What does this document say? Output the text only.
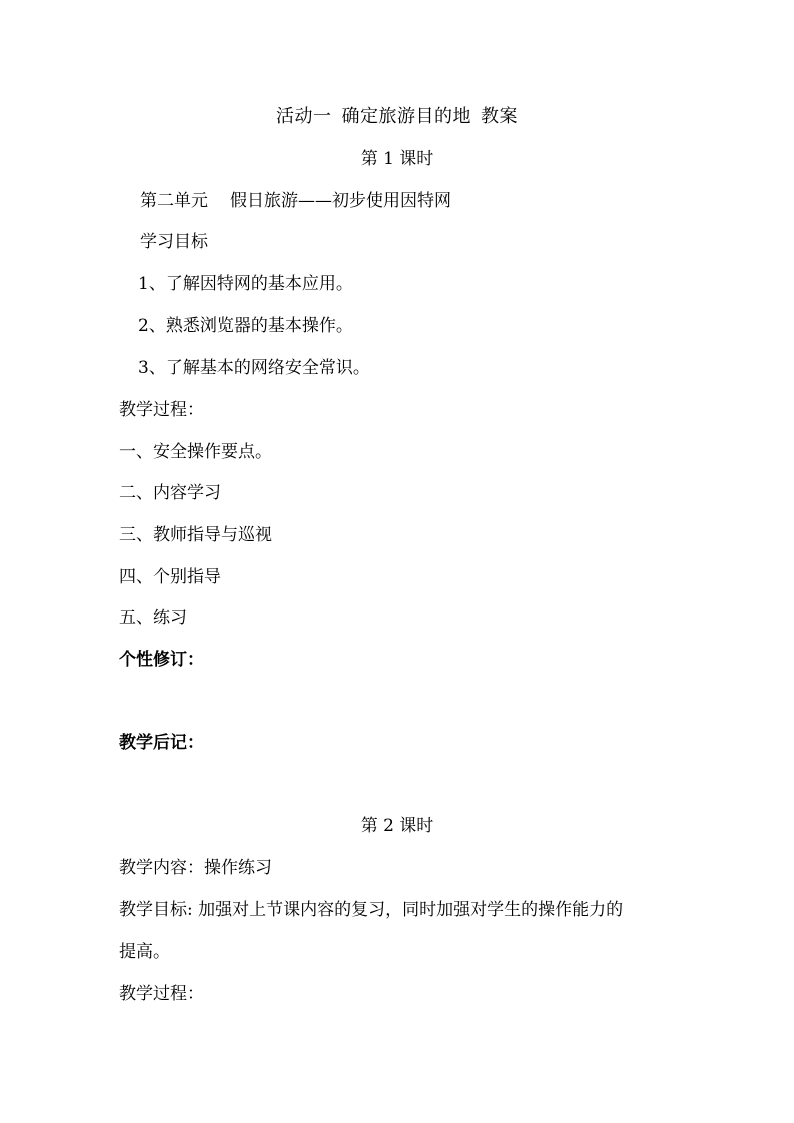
活动一 确定旅游目的地 教案
第 1 课时
第二单元 假日旅游——初步使用因特网
学习目标
1、了解因特网的基本应用。
2、熟悉浏览器的基本操作。
3、了解基本的网络安全常识。
教学过程：
一、安全操作要点。
二、内容学习
三、教师指导与巡视
四、个别指导
五、练习
个性修订：
教学后记：
第 2 课时
教学内容：操作练习
教学目标: 加强对上节课内容的复习，同时加强对学生的操作能力的
提高。
教学过程：
